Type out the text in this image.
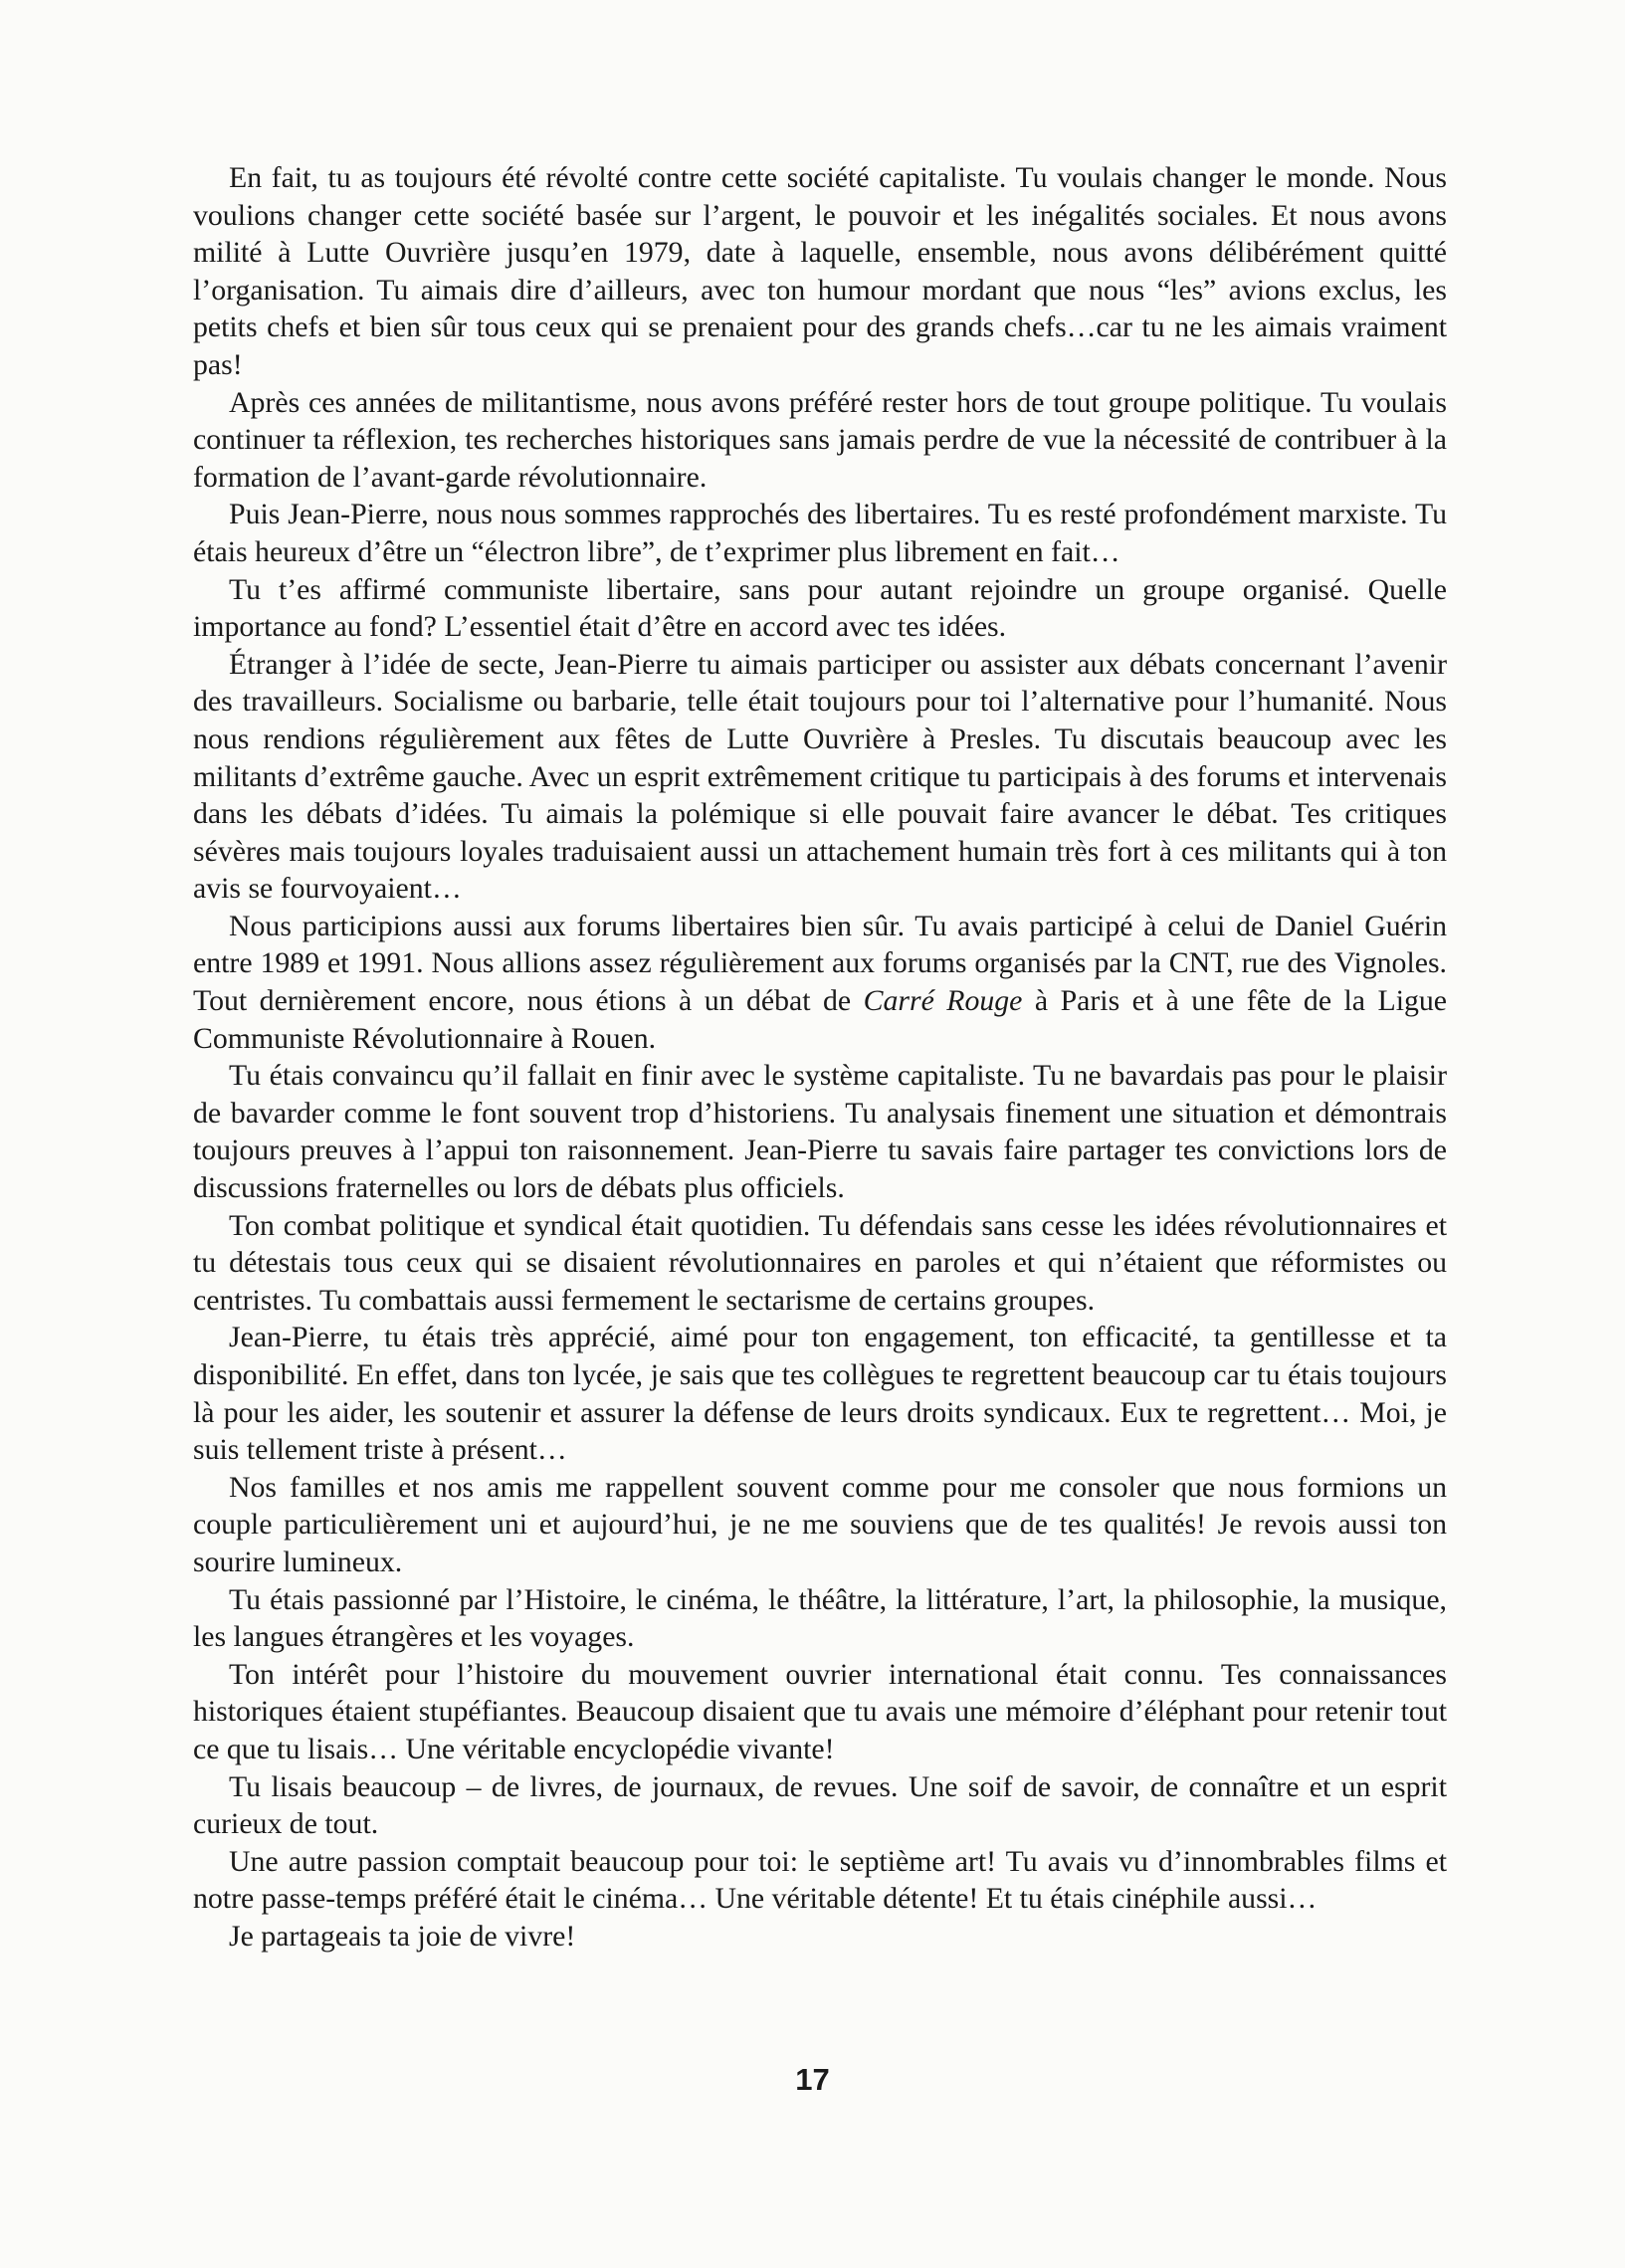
En fait, tu as toujours été révolté contre cette société capitaliste. Tu voulais changer le monde. Nous voulions changer cette société basée sur l’argent, le pouvoir et les inégalités sociales. Et nous avons milité à Lutte Ouvrière jusqu’en 1979, date à laquelle, ensemble, nous avons délibérément quitté l’organisation. Tu aimais dire d’ailleurs, avec ton humour mordant que nous “les” avions exclus, les petits chefs et bien sûr tous ceux qui se prenaient pour des grands chefs…car tu ne les aimais vraiment pas!

Après ces années de militantisme, nous avons préféré rester hors de tout groupe politique. Tu voulais continuer ta réflexion, tes recherches historiques sans jamais perdre de vue la nécessité de contribuer à la formation de l’avant-garde révolutionnaire.

Puis Jean-Pierre, nous nous sommes rapprochés des libertaires. Tu es resté profondément marxiste. Tu étais heureux d’être un “électron libre”, de t’exprimer plus librement en fait…

Tu t’es affirmé communiste libertaire, sans pour autant rejoindre un groupe organisé. Quelle importance au fond? L’essentiel était d’être en accord avec tes idées.

Étranger à l’idée de secte, Jean-Pierre tu aimais participer ou assister aux débats concernant l’avenir des travailleurs. Socialisme ou barbarie, telle était toujours pour toi l’alternative pour l’humanité. Nous nous rendions régulièrement aux fêtes de Lutte Ouvrière à Presles. Tu discutais beaucoup avec les militants d’extrême gauche. Avec un esprit extrêmement critique tu participais à des forums et intervenais dans les débats d’idées. Tu aimais la polémique si elle pouvait faire avancer le débat. Tes critiques sévères mais toujours loyales traduisaient aussi un attachement humain très fort à ces militants qui à ton avis se fourvoyaient…

Nous participions aussi aux forums libertaires bien sûr. Tu avais participé à celui de Daniel Guérin entre 1989 et 1991. Nous allions assez régulièrement aux forums organisés par la CNT, rue des Vignoles. Tout dernièrement encore, nous étions à un débat de Carré Rouge à Paris et à une fête de la Ligue Communiste Révolutionnaire à Rouen.

Tu étais convaincu qu’il fallait en finir avec le système capitaliste. Tu ne bavardais pas pour le plaisir de bavarder comme le font souvent trop d’historiens. Tu analysais finement une situation et démontrais toujours preuves à l’appui ton raisonnement. Jean-Pierre tu savais faire partager tes convictions lors de discussions fraternelles ou lors de débats plus officiels.

Ton combat politique et syndical était quotidien. Tu défendais sans cesse les idées révolutionnaires et tu détestais tous ceux qui se disaient révolutionnaires en paroles et qui n’étaient que réformistes ou centristes. Tu combattais aussi fermement le sectarisme de certains groupes.

Jean-Pierre, tu étais très apprécié, aimé pour ton engagement, ton efficacité, ta gentillesse et ta disponibilité. En effet, dans ton lycée, je sais que tes collègues te regrettent beaucoup car tu étais toujours là pour les aider, les soutenir et assurer la défense de leurs droits syndicaux. Eux te regrettent… Moi, je suis tellement triste à présent…

Nos familles et nos amis me rappellent souvent comme pour me consoler que nous formions un couple particulièrement uni et aujourd’hui, je ne me souviens que de tes qualités! Je revois aussi ton sourire lumineux.

Tu étais passionné par l’Histoire, le cinéma, le théâtre, la littérature, l’art, la philosophie, la musique, les langues étrangères et les voyages.

Ton intérêt pour l’histoire du mouvement ouvrier international était connu. Tes connaissances historiques étaient stupéfiantes. Beaucoup disaient que tu avais une mémoire d’éléphant pour retenir tout ce que tu lisais… Une véritable encyclopédie vivante!

Tu lisais beaucoup – de livres, de journaux, de revues. Une soif de savoir, de connaître et un esprit curieux de tout.

Une autre passion comptait beaucoup pour toi: le septième art! Tu avais vu d’innombrables films et notre passe-temps préféré était le cinéma… Une véritable détente! Et tu étais cinéphile aussi…

Je partageais ta joie de vivre!

17
